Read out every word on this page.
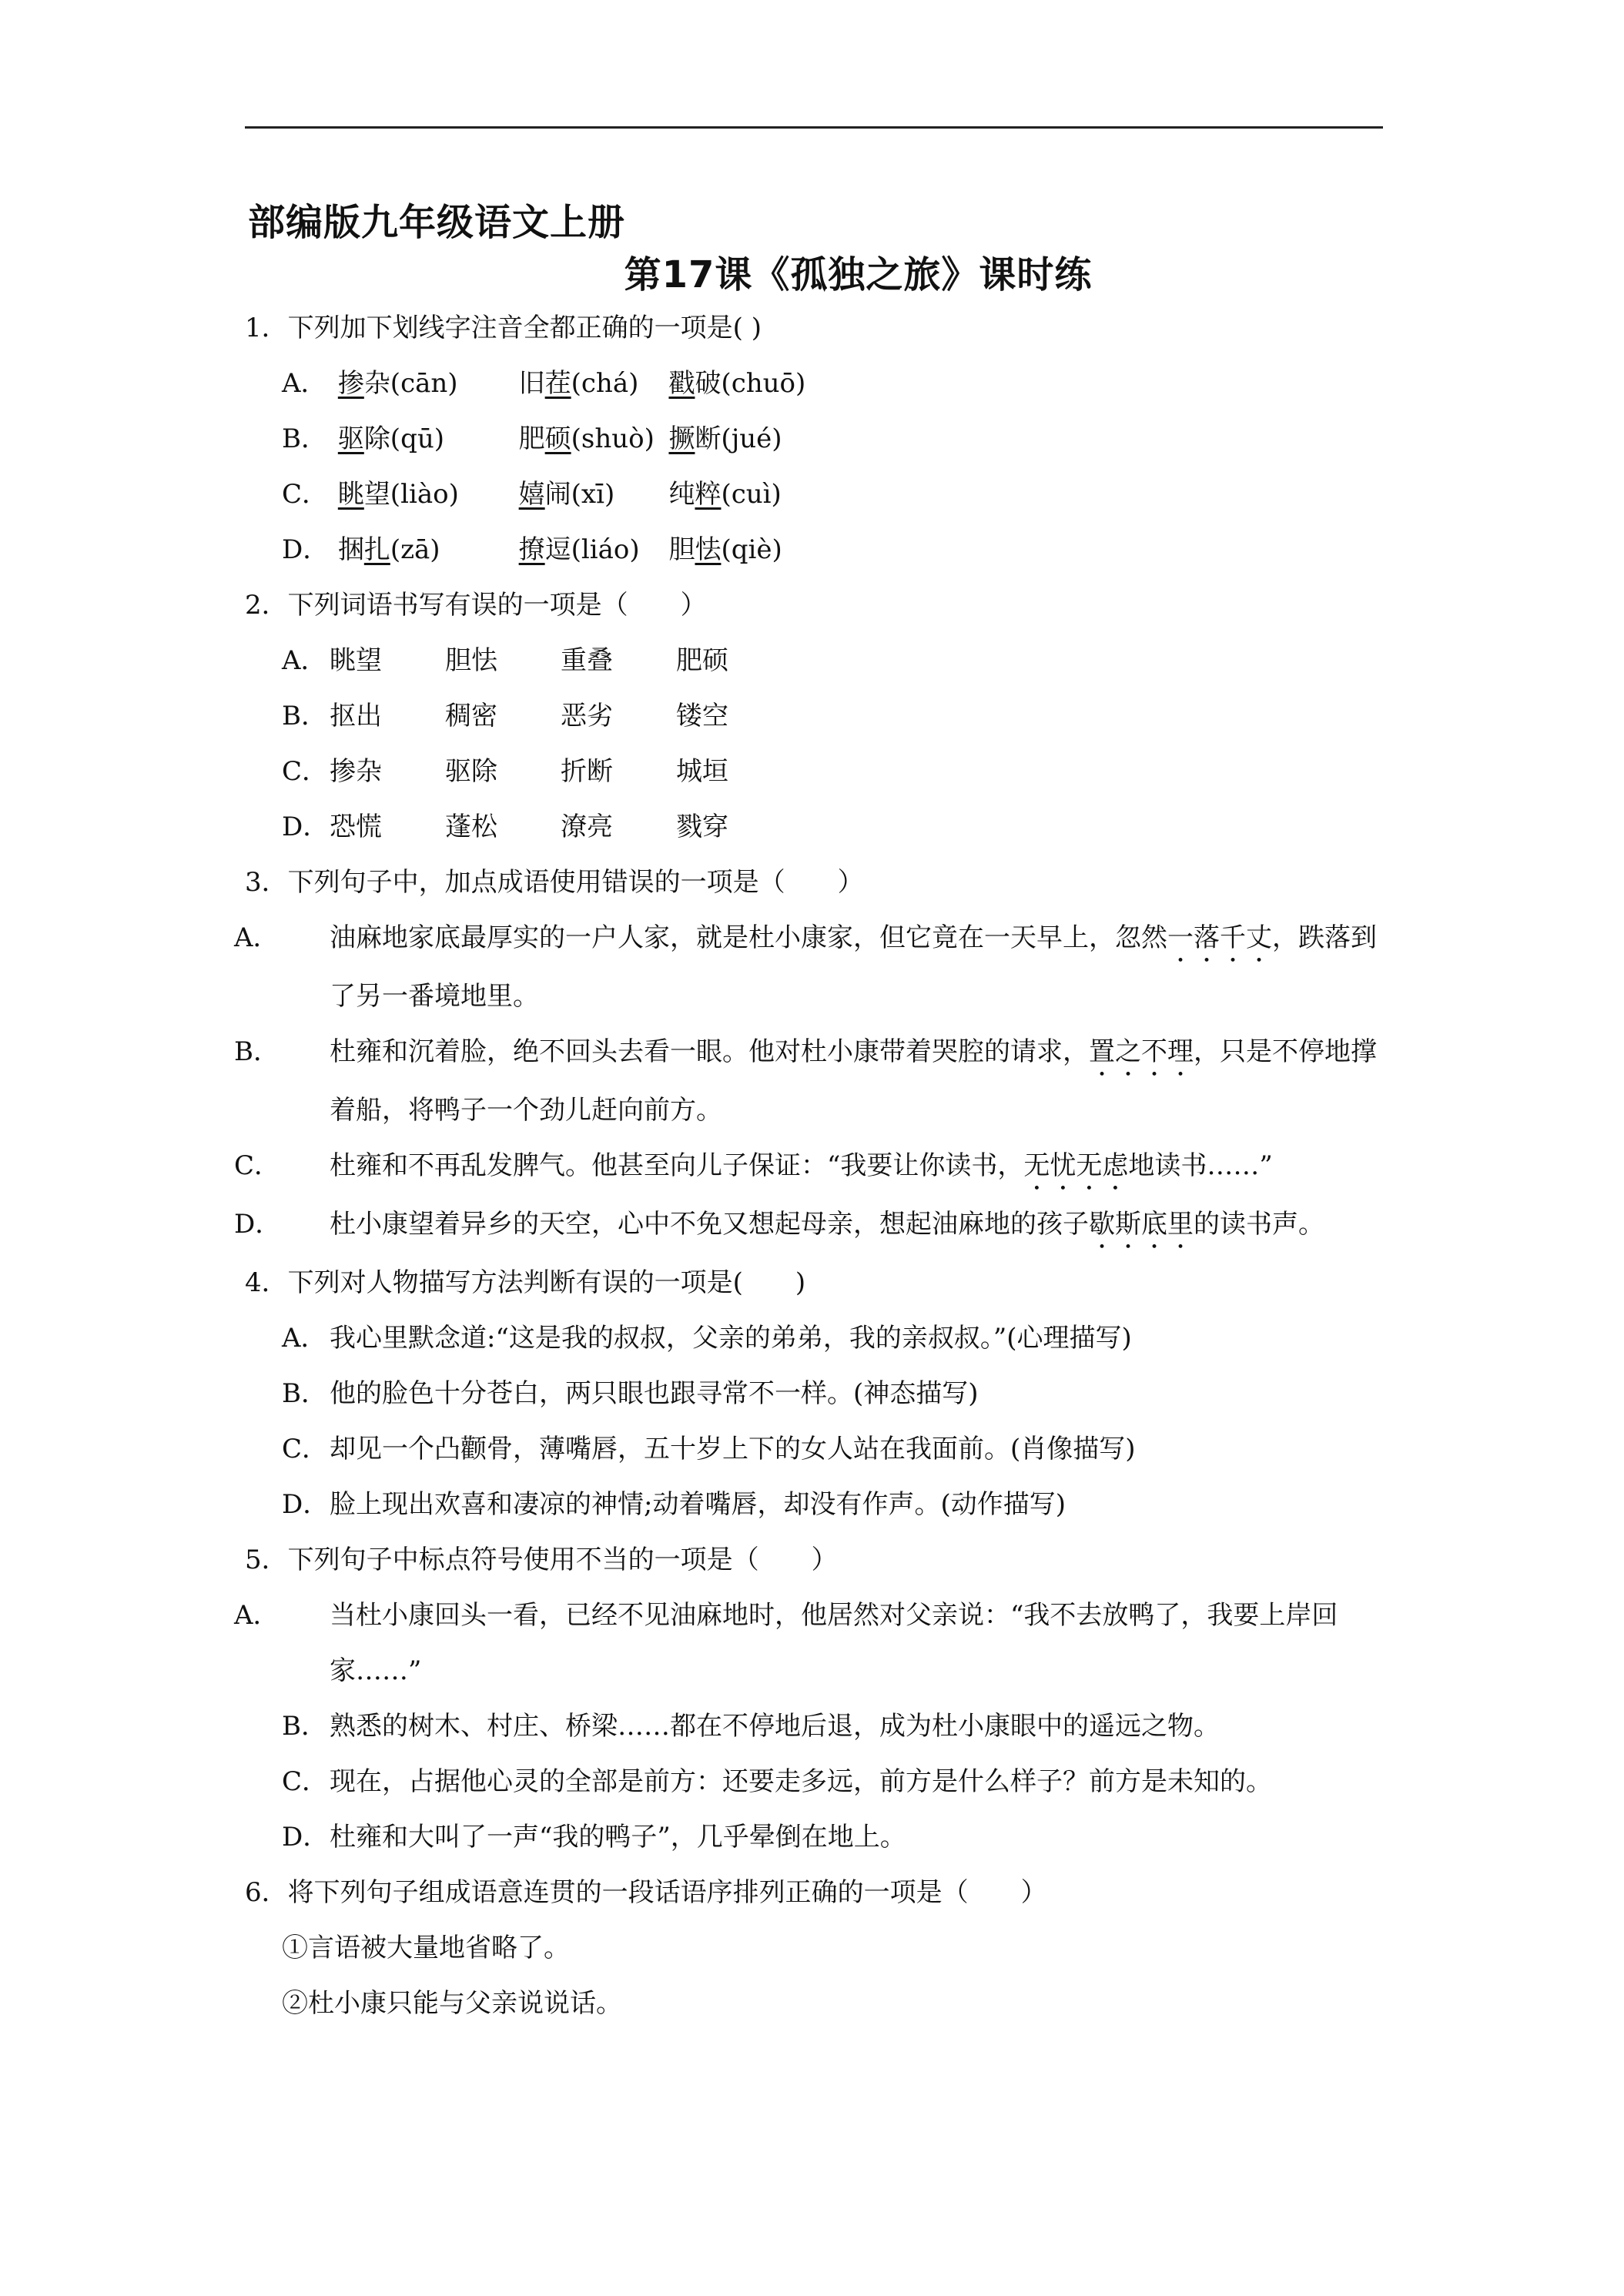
部编版九年级语文上册
第17课《孤独之旅》课时练
1．下列加下划线字注音全都正确的一项是( )
A． 掺杂(cān) 旧茬(chá) 戳破(chuō)
B． 驱除(qū)	肥硕(shuò) 撅断(jué)
C． 眺望(liào) 嬉闹(xī) 纯粹(cuì)
D． 捆扎(zā)	撩逗(liáo) 胆怯(qiè)
2．下列词语书写有误的一项是（　　）
A． 眺望 胆怯 重叠 肥硕
B．抠出 稠密 恶劣 镂空
C．掺杂 驱除 折断 城垣
D．恐慌 蓬松 潦亮 戮穿
3．下列句子中，加点成语使用错误的一项是（　　）
A． 油麻地家底最厚实的一户人家，就是杜小康家，但它竟在一天早上，忽然一落千丈，跌落到了另一番境地里。
B． 杜雍和沉着脸，绝不回头去看一眼。他对杜小康带着哭腔的请求，置之不理，只是不停地撑着船，将鸭子一个劲儿赶向前方。
C． 杜雍和不再乱发脾气。他甚至向儿子保证：“我要让你读书，无忧无虑地读书……”
D． 杜小康望着异乡的天空，心中不免又想起母亲，想起油麻地的孩子歇斯底里的读书声。
4．下列对人物描写方法判断有误的一项是(　　)
A． 我心里默念道:“这是我的叔叔，父亲的弟弟，我的亲叔叔。”(心理描写)
B．他的脸色十分苍白，两只眼也跟寻常不一样。(神态描写)
C．却见一个凸颧骨，薄嘴唇，五十岁上下的女人站在我面前。(肖像描写)
D．脸上现出欢喜和凄凉的神情;动着嘴唇，却没有作声。(动作描写)
5．下列句子中标点符号使用不当的一项是（　　）
A． 当杜小康回头一看，已经不见油麻地时，他居然对父亲说：“我不去放鸭了，我要上岸回家……”
B．熟悉的树木、村庄、桥梁……都在不停地后退，成为杜小康眼中的遥远之物。
C．现在，占据他心灵的全部是前方：还要走多远，前方是什么样子？前方是未知的。
D．杜雍和大叫了一声“我的鸭子”，几乎晕倒在地上。
6．将下列句子组成语意连贯的一段话语序排列正确的一项是（　　）
①言语被大量地省略了。
②杜小康只能与父亲说说话。
